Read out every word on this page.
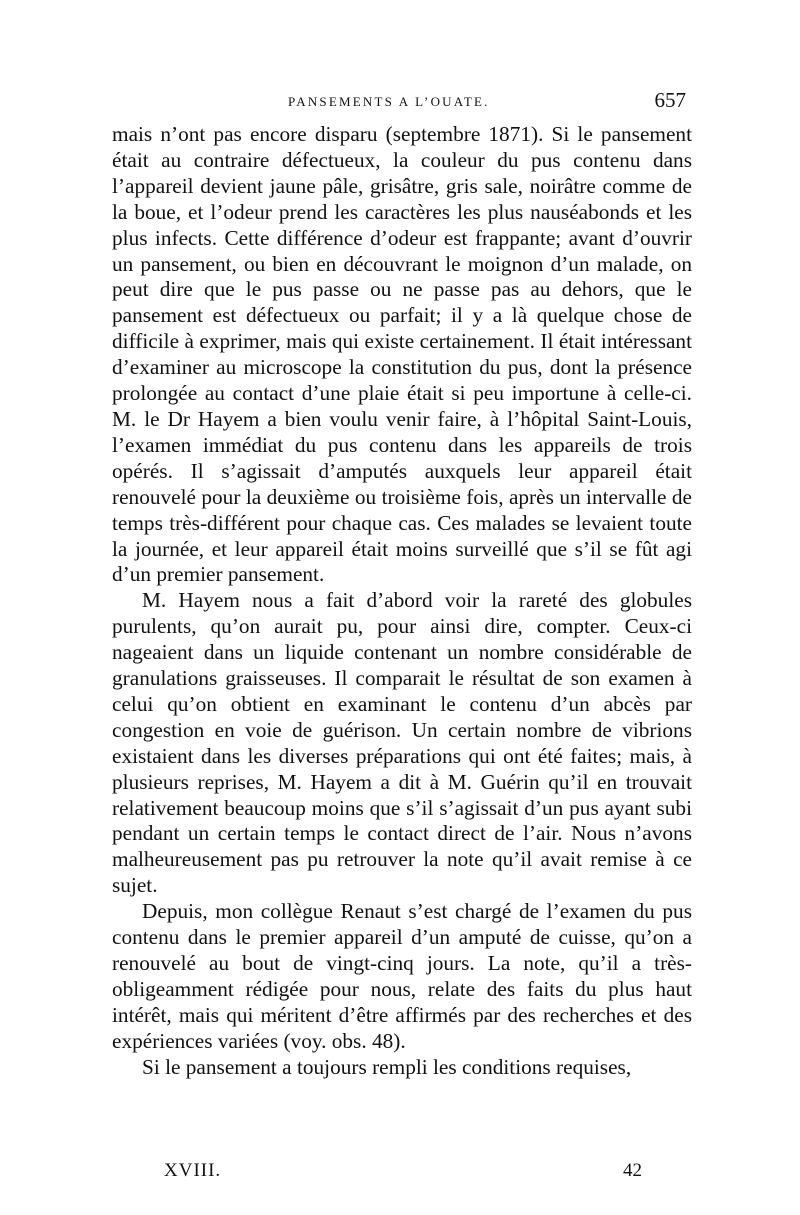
PANSEMENTS A L’OUATE.	657

mais n’ont pas encore disparu (septembre 1871). Si le pansement était au contraire défectueux, la couleur du pus contenu dans l’appareil devient jaune pâle, grisâtre, gris sale, noirâtre comme de la boue, et l’odeur prend les caractères les plus nauséabonds et les plus infects. Cette différence d’odeur est frappante; avant d’ouvrir un pansement, ou bien en découvrant le moignon d’un malade, on peut dire que le pus passe ou ne passe pas au dehors, que le pansement est défectueux ou parfait; il y a là quelque chose de difficile à exprimer, mais qui existe certainement. Il était intéressant d’examiner au microscope la constitution du pus, dont la présence prolongée au contact d’une plaie était si peu importune à celle-ci. M. le Dr Hayem a bien voulu venir faire, à l’hôpital Saint-Louis, l’examen immédiat du pus contenu dans les appareils de trois opérés. Il s’agissait d’amputés auxquels leur appareil était renouvelé pour la deuxième ou troisième fois, après un intervalle de temps très-différent pour chaque cas. Ces malades se levaient toute la journée, et leur appareil était moins surveillé que s’il se fût agi d’un premier pansement.

M. Hayem nous a fait d’abord voir la rareté des globules purulents, qu’on aurait pu, pour ainsi dire, compter. Ceux-ci nageaient dans un liquide contenant un nombre considérable de granulations graisseuses. Il comparait le résultat de son examen à celui qu’on obtient en examinant le contenu d’un abcès par congestion en voie de guérison. Un certain nombre de vibrions existaient dans les diverses préparations qui ont été faites; mais, à plusieurs reprises, M. Hayem a dit à M. Guérin qu’il en trouvait relativement beaucoup moins que s’il s’agissait d’un pus ayant subi pendant un certain temps le contact direct de l’air. Nous n’avons malheureusement pas pu retrouver la note qu’il avait remise à ce sujet.

Depuis, mon collègue Renaut s’est chargé de l’examen du pus contenu dans le premier appareil d’un amputé de cuisse, qu’on a renouvelé au bout de vingt-cinq jours. La note, qu’il a très-obligeamment rédigée pour nous, relate des faits du plus haut intérêt, mais qui méritent d’être affirmés par des recherches et des expériences variées (voy. obs. 48).

Si le pansement a toujours rempli les conditions requises,

XVIII.	42
